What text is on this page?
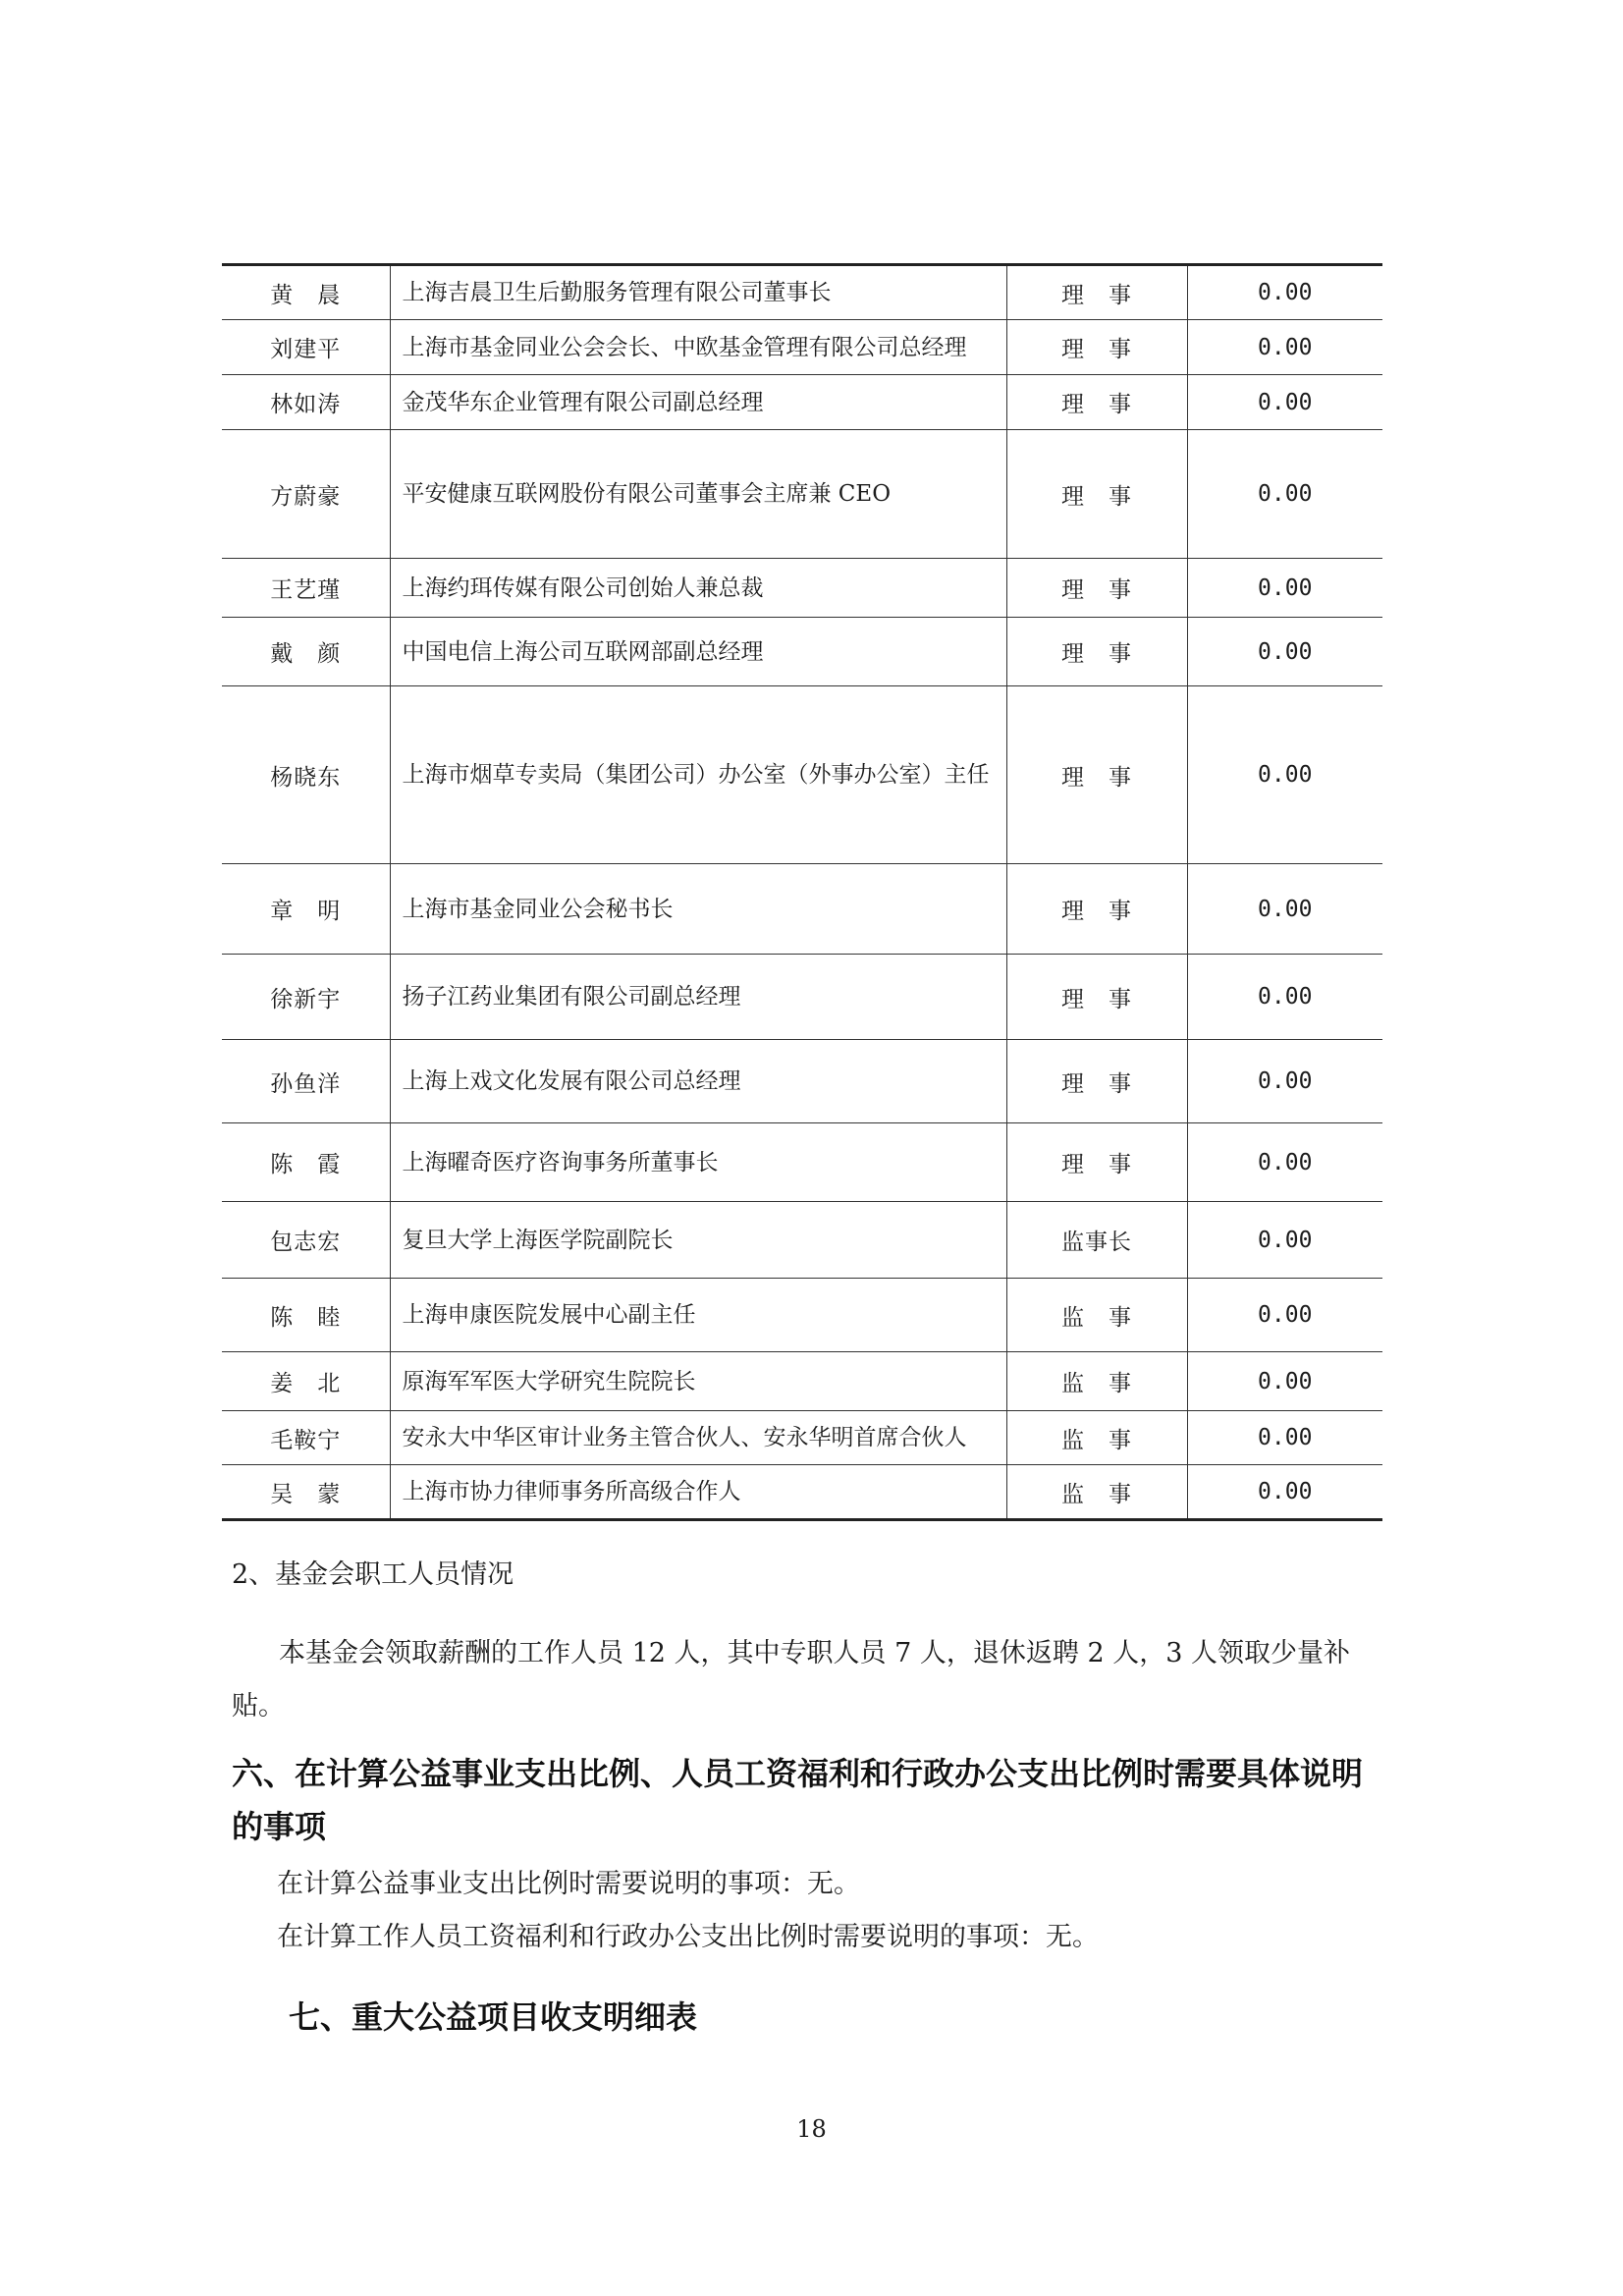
黄　晨	上海吉晨卫生后勤服务管理有限公司董事长	理　事	0.00
刘建平	上海市基金同业公会会长、中欧基金管理有限公司总经理	理　事	0.00
林如涛	金茂华东企业管理有限公司副总经理	理　事	0.00
方蔚豪	平安健康互联网股份有限公司董事会主席兼 CEO	理　事	0.00
王艺瑾	上海约珥传媒有限公司创始人兼总裁	理　事	0.00
戴　颜	中国电信上海公司互联网部副总经理	理　事	0.00
杨晓东	上海市烟草专卖局（集团公司）办公室（外事办公室）主任	理　事	0.00
章　明	上海市基金同业公会秘书长	理　事	0.00
徐新宇	扬子江药业集团有限公司副总经理	理　事	0.00
孙鱼洋	上海上戏文化发展有限公司总经理	理　事	0.00
陈　霞	上海曜奇医疗咨询事务所董事长	理　事	0.00
包志宏	复旦大学上海医学院副院长	监事长	0.00
陈　睦	上海申康医院发展中心副主任	监　事	0.00
姜　北	原海军军医大学研究生院院长	监　事	0.00
毛鞍宁	安永大中华区审计业务主管合伙人、安永华明首席合伙人	监　事	0.00
吴　蒙	上海市协力律师事务所高级合作人	监　事	0.00
2、基金会职工人员情况
本基金会领取薪酬的工作人员 12 人，其中专职人员 7 人，退休返聘 2 人，3 人领取少量补贴。
六、在计算公益事业支出比例、人员工资福利和行政办公支出比例时需要具体说明的事项
在计算公益事业支出比例时需要说明的事项：无。
在计算工作人员工资福利和行政办公支出比例时需要说明的事项：无。
七、重大公益项目收支明细表
18
